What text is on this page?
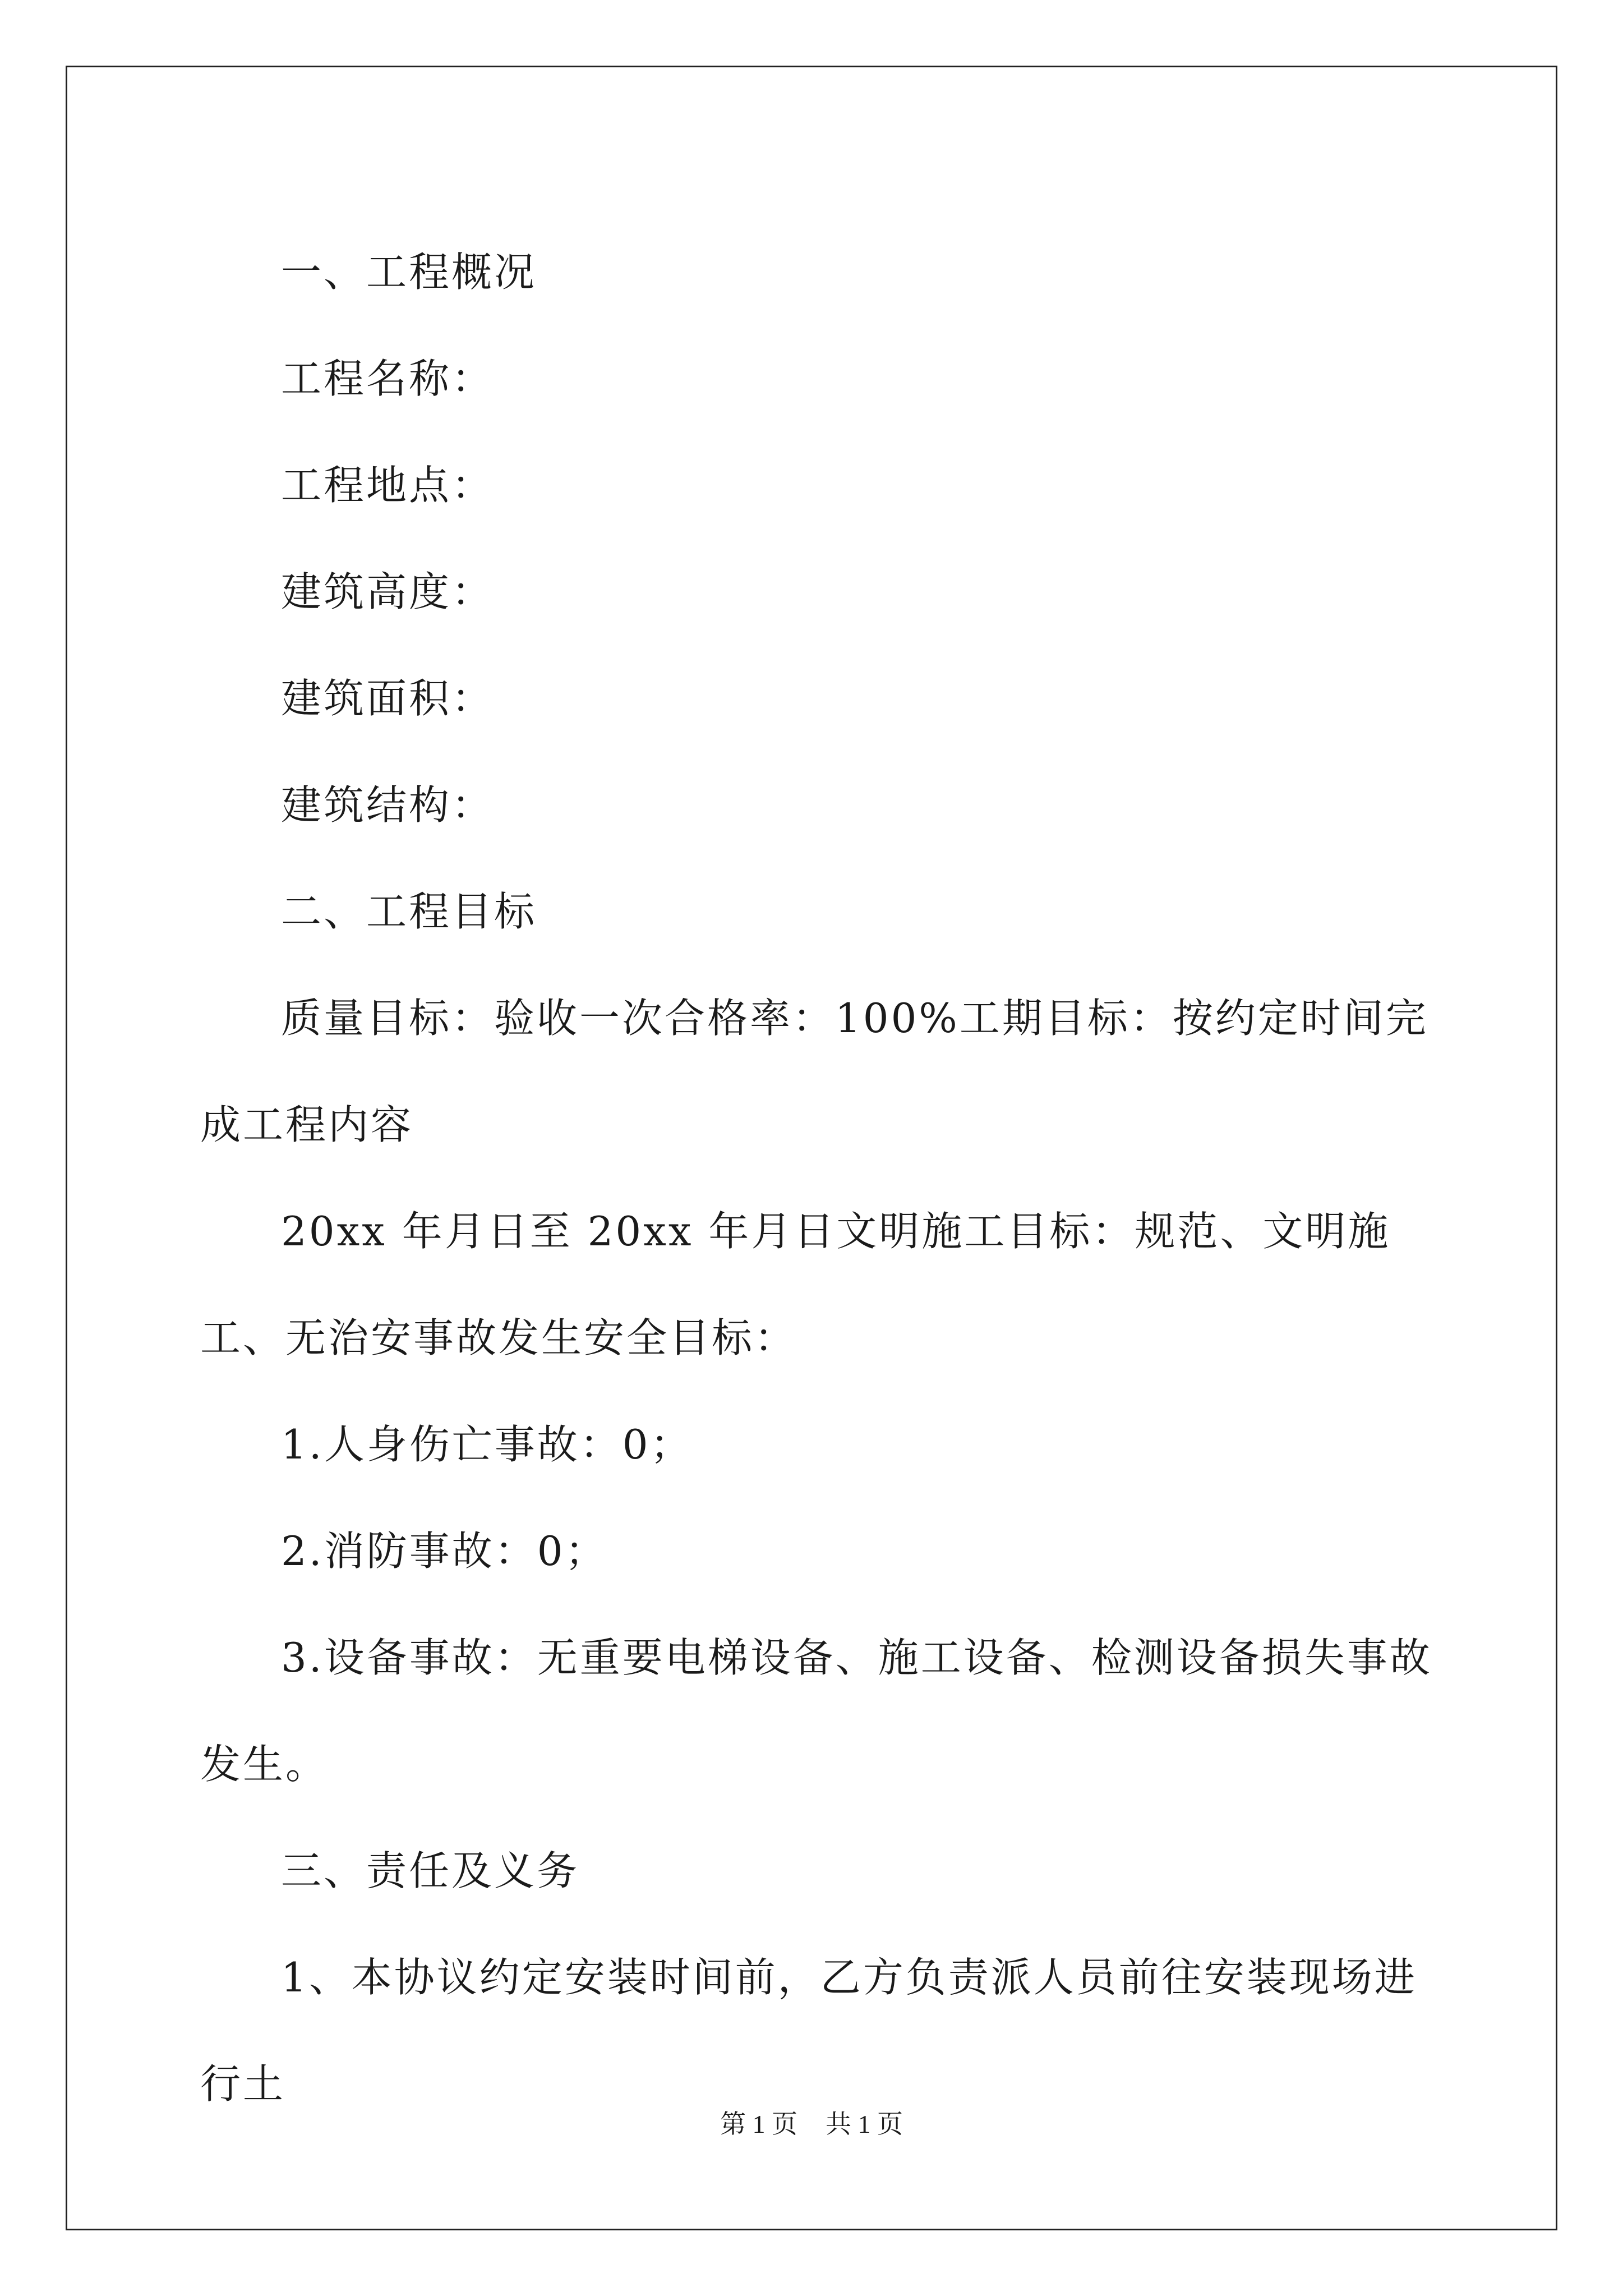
一、工程概况

工程名称：

工程地点：

建筑高度：

建筑面积：

建筑结构：

二、工程目标

质量目标：验收一次合格率：100%工期目标：按约定时间完成工程内容

20xx 年月日至 20xx 年月日文明施工目标：规范、文明施工、无治安事故发生安全目标：

1.人身伤亡事故：0；

2.消防事故：0；

3.设备事故：无重要电梯设备、施工设备、检测设备损失事故发生。

三、责任及义务

1、本协议约定安装时间前，乙方负责派人员前往安装现场进行土

第 1 页 共 1 页
